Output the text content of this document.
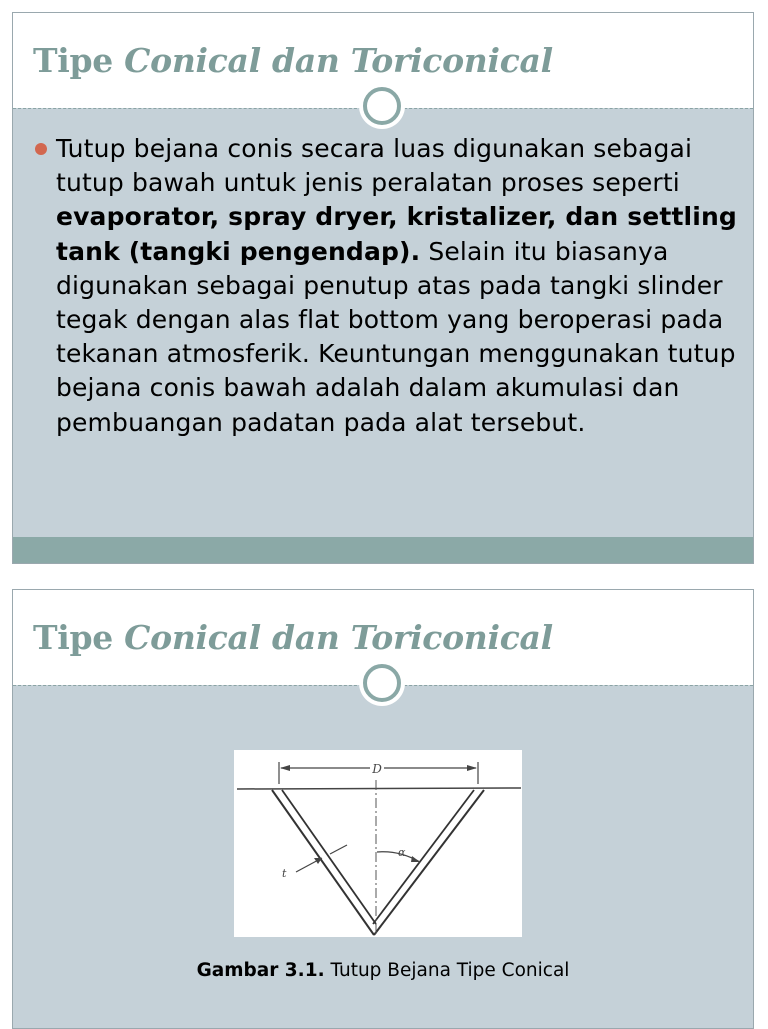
Tipe Conical dan Toriconical

Tutup bejana conis secara luas digunakan sebagai tutup bawah untuk jenis peralatan proses seperti evaporator, spray dryer, kristalizer, dan settling tank (tangki pengendap). Selain itu biasanya digunakan sebagai penutup atas pada tangki slinder tegak dengan alas flat bottom yang beroperasi pada tekanan atmosferik. Keuntungan menggunakan tutup bejana conis bawah adalah dalam akumulasi dan pembuangan padatan pada alat tersebut.

Tipe Conical dan Toriconical
D
t
α
Gambar 3.1. Tutup Bejana Tipe Conical
